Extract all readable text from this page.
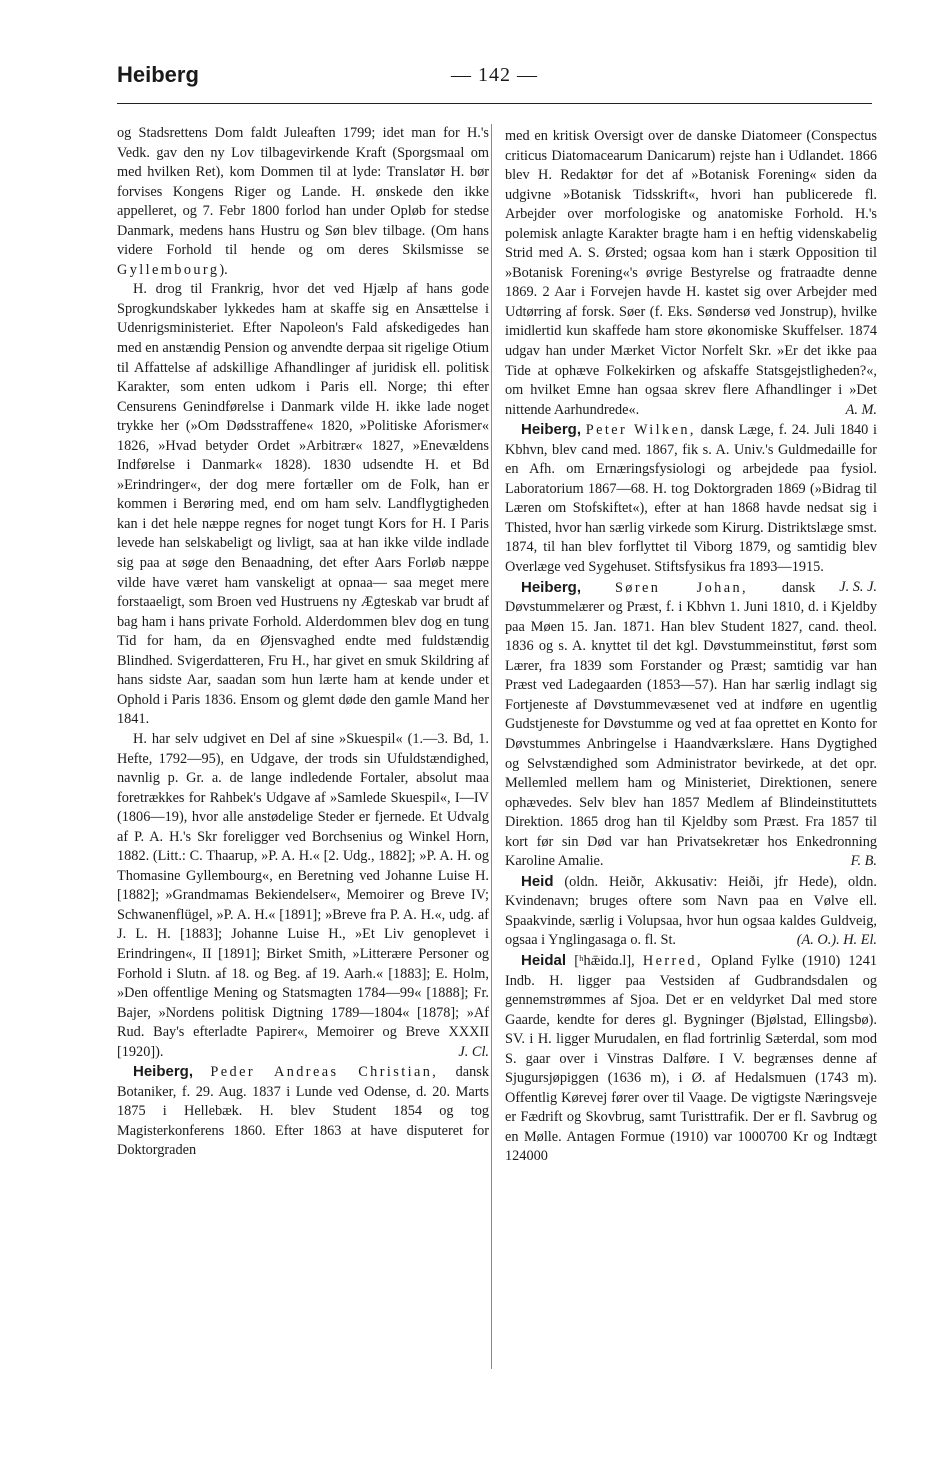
Heiberg	— 142 —

og Stadsrettens Dom faldt Juleaften 1799; idet man for H.'s Vedk. gav den ny Lov tilbagevirkende Kraft (Sporgsmaal om med hvilken Ret), kom Dommen til at lyde: Translatør H. bør forvises Kongens Riger og Lande. H. ønskede den ikke appelleret, og 7. Febr 1800 forlod han under Opløb for stedse Danmark, medens hans Hustru og Søn blev tilbage. (Om hans videre Forhold til hende og om deres Skilsmisse se Gyllembourg).

H. drog til Frankrig, hvor det ved Hjælp af hans gode Sprogkundskaber lykkedes ham at skaffe sig en Ansættelse i Udenrigsministeriet. Efter Napoleon's Fald afskedigedes han med en anstændig Pension og anvendte derpaa sit rigelige Otium til Affattelse af adskillige Afhandlinger af juridisk ell. politisk Karakter, som enten udkom i Paris ell. Norge; thi efter Censurens Genindførelse i Danmark vilde H. ikke lade noget trykke her (»Om Dødsstraffene« 1820, »Politiske Aforismer« 1826, »Hvad betyder Ordet »Arbitrær« 1827, »Enevældens Indførelse i Danmark« 1828). 1830 udsendte H. et Bd »Erindringer«, der dog mere fortæller om de Folk, han er kommen i Berøring med, end om ham selv. Landflygtigheden kan i det hele næppe regnes for noget tungt Kors for H. I Paris levede han selskabeligt og livligt, saa at han ikke vilde indlade sig paa at søge den Benaadning, det efter Aars Forløb næppe vilde have været ham vanskeligt at opnaa— saa meget mere forstaaeligt, som Broen ved Hustruens ny Ægteskab var brudt af bag ham i hans private Forhold. Alderdommen blev dog en tung Tid for ham, da en Øjensvaghed endte med fuldstændig Blindhed. Svigerdatteren, Fru H., har givet en smuk Skildring af hans sidste Aar, saadan som hun lærte ham at kende under et Ophold i Paris 1836. Ensom og glemt døde den gamle Mand her 1841.

H. har selv udgivet en Del af sine »Skuespil« (1.—3. Bd, 1. Hefte, 1792—95), en Udgave, der trods sin Ufuldstændighed, navnlig p. Gr. a. de lange indledende Fortaler, absolut maa foretrækkes for Rahbek's Udgave af »Samlede Skuespil«, I—IV (1806—19), hvor alle anstødelige Steder er fjernede. Et Udvalg af P. A. H.'s Skr foreligger ved Borchsenius og Winkel Horn, 1882. (Litt.: C. Thaarup, »P. A. H.« [2. Udg., 1882]; »P. A. H. og Thomasine Gyllembourg«, en Beretning ved Johanne Luise H. [1882]; »Grandmamas Bekiendelser«, Memoirer og Breve IV; Schwanenflügel, »P. A. H.« [1891]; »Breve fra P. A. H.«, udg. af J. L. H. [1883]; Johanne Luise H., »Et Liv genoplevet i Erindringen«, II [1891]; Birket Smith, »Litterære Personer og Forhold i Slutn. af 18. og Beg. af 19. Aarh.« [1883]; E. Holm, »Den offentlige Mening og Statsmagten 1784—99« [1888]; Fr. Bajer, »Nordens politisk Digtning 1789—1804« [1878]; »Af Rud. Bay's efterladte Papirer«, Memoirer og Breve XXXII [1920]).	J. Cl.

Heiberg, Peder Andreas Christian, dansk Botaniker, f. 29. Aug. 1837 i Lunde ved Odense, d. 20. Marts 1875 i Hellebæk. H. blev Student 1854 og tog Magisterkonferens 1860. Efter 1863 at have disputeret for Doktorgraden

med en kritisk Oversigt over de danske Diatomeer (Conspectus criticus Diatomacearum Danicarum) rejste han i Udlandet. 1866 blev H. Redaktør for det af »Botanisk Forening« siden da udgivne »Botanisk Tidsskrift«, hvori han publicerede fl. Arbejder over morfologiske og anatomiske Forhold. H.'s polemisk anlagte Karakter bragte ham i en heftig videnskabelig Strid med A. S. Ørsted; ogsaa kom han i stærk Opposition til »Botanisk Forening«'s øvrige Bestyrelse og fratraadte denne 1869. 2 Aar i Forvejen havde H. kastet sig over Arbejder med Udtørring af forsk. Søer (f. Eks. Søndersø ved Jonstrup), hvilke imidlertid kun skaffede ham store økonomiske Skuffelser. 1874 udgav han under Mærket Victor Norfelt Skr. »Er det ikke paa Tide at ophæve Folkekirken og afskaffe Statsgejstligheden?«, om hvilket Emne han ogsaa skrev flere Afhandlinger i »Det nittende Aarhundrede«.	A. M.

Heiberg, Peter Wilken, dansk Læge, f. 24. Juli 1840 i Kbhvn, blev cand med. 1867, fik s. A. Univ.'s Guldmedaille for en Afh. om Ernæringsfysiologi og arbejdede paa fysiol. Laboratorium 1867—68. H. tog Doktorgraden 1869 (»Bidrag til Læren om Stofskiftet«), efter at han 1868 havde nedsat sig i Thisted, hvor han særlig virkede som Kirurg. Distriktslæge smst. 1874, til han blev forflyttet til Viborg 1879, og samtidig blev Overlæge ved Sygehuset. Stiftsfysikus fra 1893—1915.
J. S. J.

Heiberg, Søren Johan, dansk Døvstummelærer og Præst, f. i Kbhvn 1. Juni 1810, d. i Kjeldby paa Møen 15. Jan. 1871. Han blev Student 1827, cand. theol. 1836 og s. A. knyttet til det kgl. Døvstummeinstitut, først som Lærer, fra 1839 som Forstander og Præst; samtidig var han Præst ved Ladegaarden (1853—57). Han har særlig indlagt sig Fortjeneste af Døvstummevæsenet ved at indføre en ugentlig Gudstjeneste for Døvstumme og ved at faa oprettet en Konto for Døvstummes Anbringelse i Haandværkslære. Hans Dygtighed og Selvstændighed som Administrator bevirkede, at det opr. Mellemled mellem ham og Ministeriet, Direktionen, senere ophævedes. Selv blev han 1857 Medlem af Blindeinstituttets Direktion. 1865 drog han til Kjeldby som Præst. Fra 1857 til kort før sin Død var han Privatsekretær hos Enkedronning Karoline Amalie.	F. B.

Heid (oldn. Heiðr, Akkusativ: Heiði, jfr Hede), oldn. Kvindenavn; bruges oftere som Navn paa en Vølve ell. Spaakvinde, særlig i Volupsaa, hvor hun ogsaa kaldes Guldveig, ogsaa i Ynglingasaga o. fl. St.	(A. O.). H. El.

Heidal [ʰhǣidɑ.l], Herred, Opland Fylke (1910) 1241 Indb. H. ligger paa Vestsiden af Gudbrandsdalen og gennemstrømmes af Sjoa. Det er en veldyrket Dal med store Gaarde, kendte for deres gl. Bygninger (Bjølstad, Ellingsbø). SV. i H. ligger Murudalen, en flad fortrinlig Sæterdal, som mod S. gaar over i Vinstras Dalføre. I V. begrænses denne af Sjugursjøpiggen (1636 m), i Ø. af Hedalsmuen (1743 m). Offentlig Kørevej fører over til Vaage. De vigtigste Næringsveje er Fædrift og Skovbrug, samt Turisttrafik. Der er fl. Savbrug og en Mølle. Antagen Formue (1910) var 1000700 Kr og Indtægt 124000
